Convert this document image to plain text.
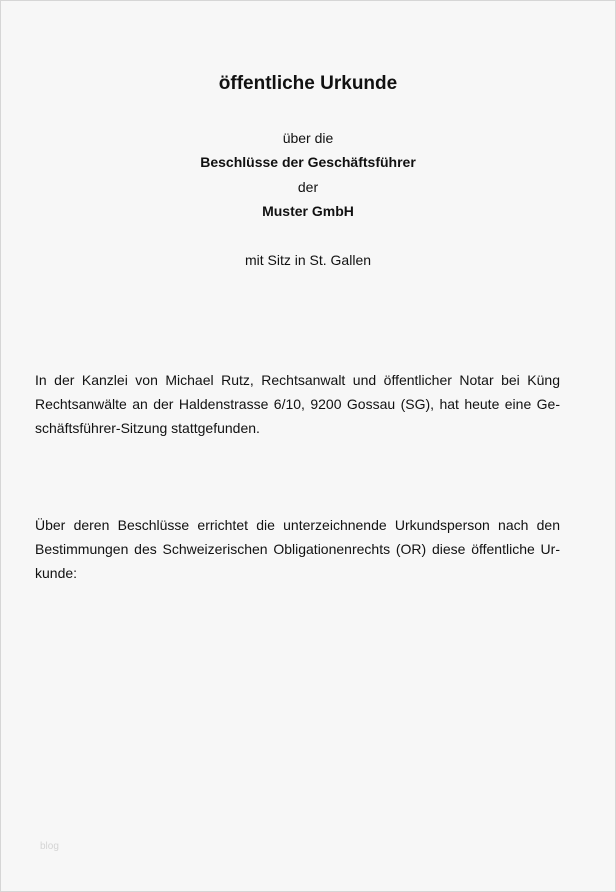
öffentliche Urkunde
über die
Beschlüsse der Geschäftsführer
der
Muster GmbH
mit Sitz in St. Gallen
In der Kanzlei von Michael Rutz, Rechtsanwalt und öffentlicher Notar bei Küng
Rechtsanwälte an der Haldenstrasse 6/10, 9200 Gossau (SG), hat heute eine Ge-
schäftsführer-Sitzung stattgefunden.
Über deren Beschlüsse errichtet die unterzeichnende Urkundsperson nach den
Bestimmungen des Schweizerischen Obligationenrechts (OR) diese öffentliche Ur-
kunde:
blog
